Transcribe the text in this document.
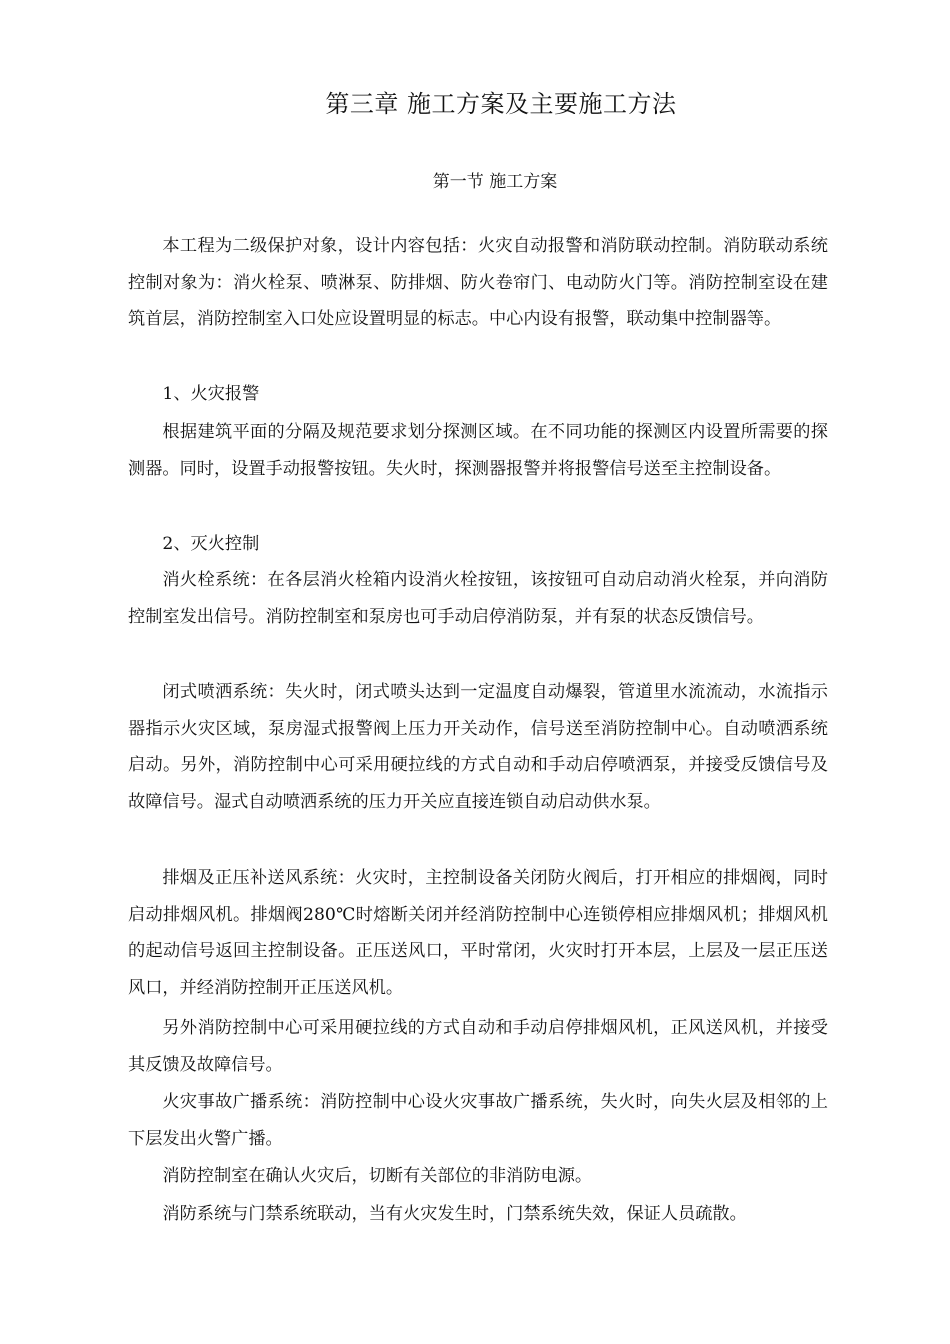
第三章 施工方案及主要施工方法
第一节 施工方案

本工程为二级保护对象，设计内容包括：火灾自动报警和消防联动控制。消防联动系统控制对象为：消火栓泵、喷淋泵、防排烟、防火卷帘门、电动防火门等。消防控制室设在建筑首层，消防控制室入口处应设置明显的标志。中心内设有报警，联动集中控制器等。

1、火灾报警

根据建筑平面的分隔及规范要求划分探测区域。在不同功能的探测区内设置所需要的探测器。同时，设置手动报警按钮。失火时，探测器报警并将报警信号送至主控制设备。

2、灭火控制

消火栓系统：在各层消火栓箱内设消火栓按钮，该按钮可自动启动消火栓泵，并向消防控制室发出信号。消防控制室和泵房也可手动启停消防泵，并有泵的状态反馈信号。

闭式喷洒系统：失火时，闭式喷头达到一定温度自动爆裂，管道里水流流动，水流指示器指示火灾区域，泵房湿式报警阀上压力开关动作，信号送至消防控制中心。自动喷洒系统启动。另外，消防控制中心可采用硬拉线的方式自动和手动启停喷洒泵，并接受反馈信号及故障信号。湿式自动喷洒系统的压力开关应直接连锁自动启动供水泵。

排烟及正压补送风系统：火灾时，主控制设备关闭防火阀后，打开相应的排烟阀，同时启动排烟风机。排烟阀280℃时熔断关闭并经消防控制中心连锁停相应排烟风机；排烟风机的起动信号返回主控制设备。正压送风口，平时常闭，火灾时打开本层，上层及一层正压送风口，并经消防控制开正压送风机。

另外消防控制中心可采用硬拉线的方式自动和手动启停排烟风机，正风送风机，并接受其反馈及故障信号。

火灾事故广播系统：消防控制中心设火灾事故广播系统，失火时，向失火层及相邻的上下层发出火警广播。

消防控制室在确认火灾后，切断有关部位的非消防电源。

消防系统与门禁系统联动，当有火灾发生时，门禁系统失效，保证人员疏散。
